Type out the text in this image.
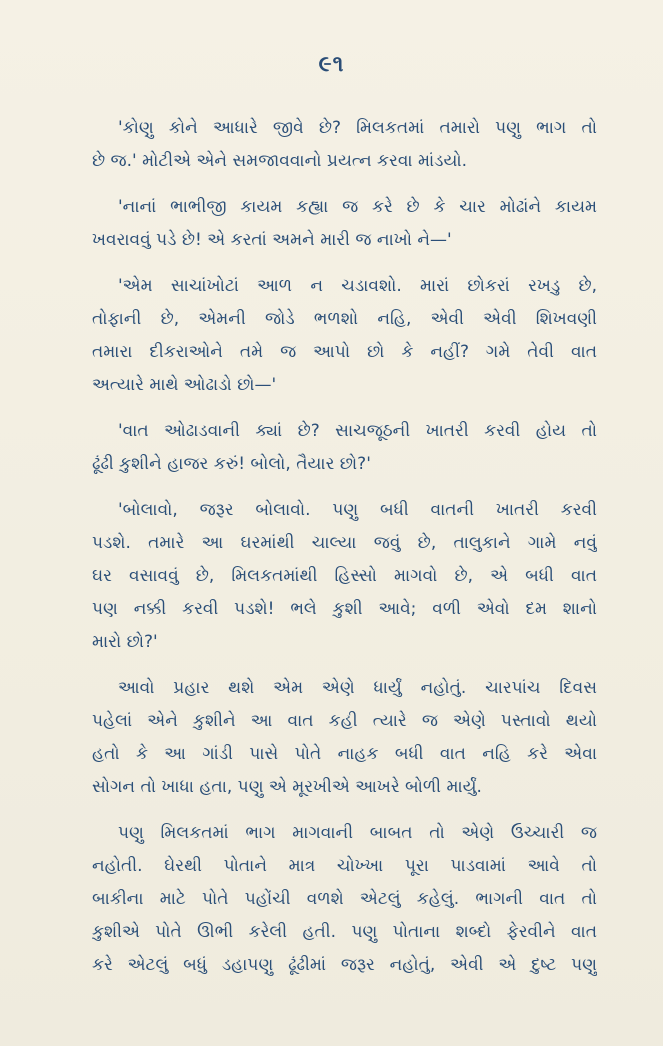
૯૧
'કોણુ કોને આધારે જીવે છે? મિલકતમાં તમારો પણુ ભાગ તો
છે જ.' મોટીએ એને સમજાવવાનો પ્રયત્ન કરવા માંડયો.
'નાનાં ભાભીજી કાયમ કહ્યા જ કરે છે કે ચાર મોઢાંને કાયમ
ખવરાવવું પડે છે! એ કરતાં અમને મારી જ નાખો ને—'
'એમ સાચાંખોટાં આળ ન ચડાવશો. મારાં છોકરાં રખડુ છે,
તોફાની છે, એમની જોડે ભળશો નહિ, એવી એવી શિખવણી
તમારા દીકરાઓને તમે જ આપો છો કે નહીં? ગમે તેવી વાત
અત્યારે માથે ઓઢાડો છો—'
'વાત ઓઢાડવાની ક્યાં છે? સાચજૂઠની ખાતરી કરવી હોય તો
ઢૂંઢી કુશીને હાજર કરું! બોલો, તૈયાર છો?'
'બોલાવો, જરૂર બોલાવો. પણુ બધી વાતની ખાતરી કરવી
પડશે. તમારે આ ઘરમાંથી ચાલ્યા જવું છે, તાલુકાને ગામે નવું
ઘર વસાવવું છે, મિલકતમાંથી હિસ્સો માગવો છે, એ બધી વાત
પણ નક્કી કરવી પડશે! ભલે કુશી આવે; વળી એવો દમ શાનો
મારો છો?'
આવો પ્રહાર થશે એમ એણે ધાર્યું નહોતું. ચારપાંચ દિવસ
પહેલાં એને કુશીને આ વાત કહી ત્યારે જ એણે પસ્તાવો થયો
હતો કે આ ગાંડી પાસે પોતે નાહક બધી વાત નહિ કરે એવા
સોગન તો ખાધા હતા, પણુ એ મૂરખીએ આખરે બોળી માર્યું.
પણુ મિલકતમાં ભાગ માગવાની બાબત તો એણે ઉચ્ચારી જ
નહોતી. ઘેરથી પોતાને માત્ર ચોખ્ખા પૂરા પાડવામાં આવે તો
બાકીના માટે પોતે પહોંચી વળશે એટલું કહેલું. ભાગની વાત તો
કુશીએ પોતે ઊભી કરેલી હતી. પણુ પોતાના શબ્દો ફેરવીને વાત
કરે એટલું બધું ડહાપણુ ઢૂંઢીમાં જરૂર નહોતું, એવી એ દુષ્ટ પણુ
